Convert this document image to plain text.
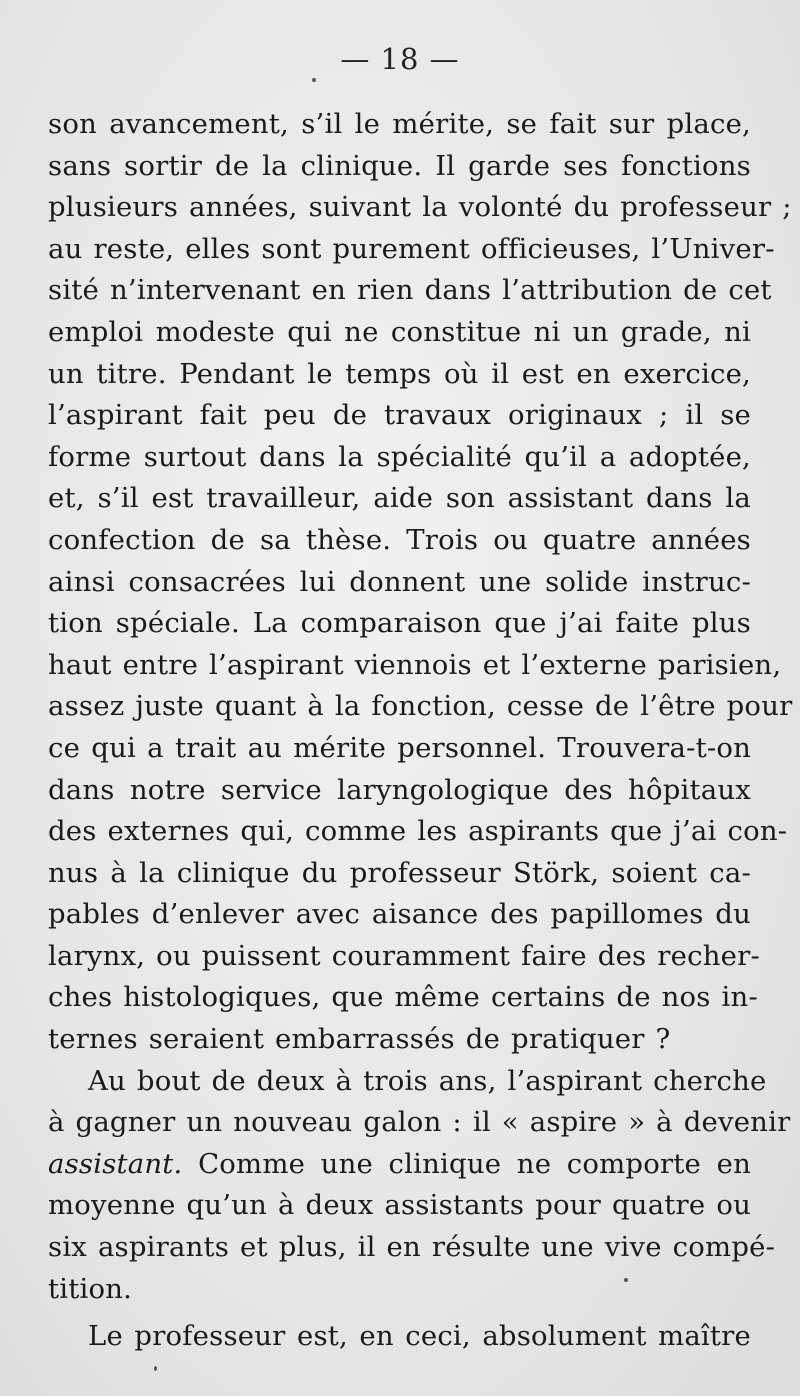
— 18 —
son avancement, s’il le mérite, se fait sur place,
sans sortir de la clinique. Il garde ses fonctions
plusieurs années, suivant la volonté du professeur ;
au reste, elles sont purement officieuses, l’Univer-
sité n’intervenant en rien dans l’attribution de cet
emploi modeste qui ne constitue ni un grade, ni
un titre. Pendant le temps où il est en exercice,
l’aspirant fait peu de travaux originaux ; il se
forme surtout dans la spécialité qu’il a adoptée,
et, s’il est travailleur, aide son assistant dans la
confection de sa thèse. Trois ou quatre années
ainsi consacrées lui donnent une solide instruc-
tion spéciale. La comparaison que j’ai faite plus
haut entre l’aspirant viennois et l’externe parisien,
assez juste quant à la fonction, cesse de l’être pour
ce qui a trait au mérite personnel. Trouvera-t-on
dans notre service laryngologique des hôpitaux
des externes qui, comme les aspirants que j’ai con-
nus à la clinique du professeur Störk, soient ca-
pables d’enlever avec aisance des papillomes du
larynx, ou puissent couramment faire des recher-
ches histologiques, que même certains de nos in-
ternes seraient embarrassés de pratiquer ?
Au bout de deux à trois ans, l’aspirant cherche
à gagner un nouveau galon : il « aspire » à devenir
assistant. Comme une clinique ne comporte en
moyenne qu’un à deux assistants pour quatre ou
six aspirants et plus, il en résulte une vive compé-
tition.
Le professeur est, en ceci, absolument maître
